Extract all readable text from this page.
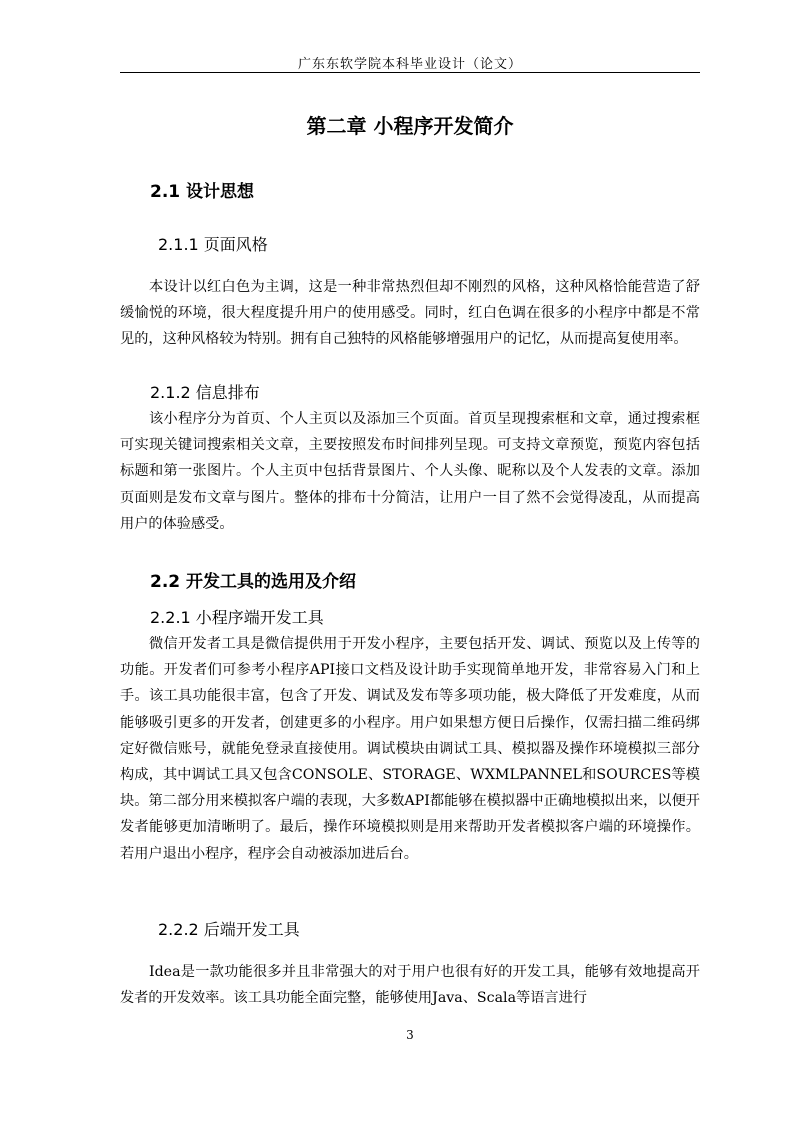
广东东软学院本科毕业设计（论文）
第二章 小程序开发简介
2.1 设计思想
2.1.1 页面风格

本设计以红白色为主调，这是一种非常热烈但却不刚烈的风格，这种风格恰能营造了舒缓愉悦的环境，很大程度提升用户的使用感受。同时，红白色调在很多的小程序中都是不常见的，这种风格较为特别。拥有自己独特的风格能够增强用户的记忆，从而提高复使用率。

2.1.2 信息排布

该小程序分为首页、个人主页以及添加三个页面。首页呈现搜索框和文章，通过搜索框可实现关键词搜索相关文章，主要按照发布时间排列呈现。可支持文章预览，预览内容包括标题和第一张图片。个人主页中包括背景图片、个人头像、昵称以及个人发表的文章。添加页面则是发布文章与图片。整体的排布十分简洁，让用户一目了然不会觉得凌乱，从而提高用户的体验感受。

2.2 开发工具的选用及介绍
2.2.1 小程序端开发工具

微信开发者工具是微信提供用于开发小程序，主要包括开发、调试、预览以及上传等的功能。开发者们可参考小程序API接口文档及设计助手实现简单地开发，非常容易入门和上手。该工具功能很丰富，包含了开发、调试及发布等多项功能，极大降低了开发难度，从而能够吸引更多的开发者，创建更多的小程序。用户如果想方便日后操作，仅需扫描二维码绑定好微信账号，就能免登录直接使用。调试模块由调试工具、模拟器及操作环境模拟三部分构成，其中调试工具又包含CONSOLE、STORAGE、WXMLPANNEL和SOURCES等模块。第二部分用来模拟客户端的表现，大多数API都能够在模拟器中正确地模拟出来，以便开发者能够更加清晰明了。最后，操作环境模拟则是用来帮助开发者模拟客户端的环境操作。若用户退出小程序，程序会自动被添加进后台。

2.2.2 后端开发工具

Idea是一款功能很多并且非常强大的对于用户也很有好的开发工具，能够有效地提高开发者的开发效率。该工具功能全面完整，能够使用Java、Scala等语言进行

3
